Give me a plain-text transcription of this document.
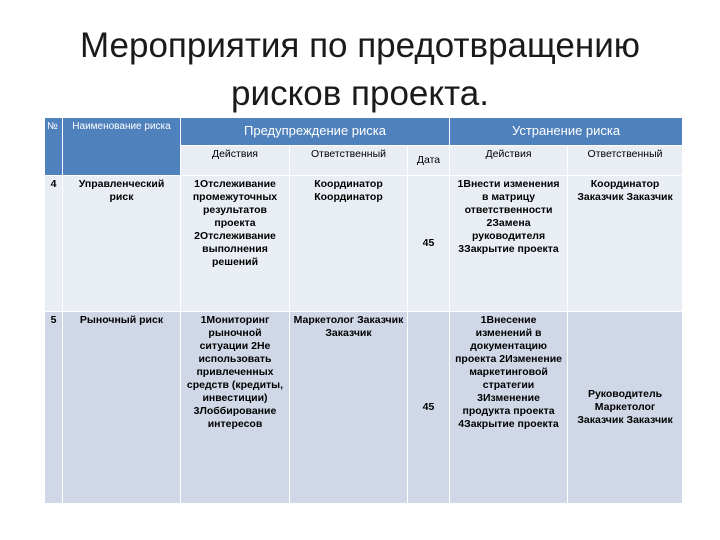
Мероприятия по предотвращению
рисков проекта.
№	Наименование риска	Предупреждение риска			Устранение риска	
		Действия	Ответственный	Дата	Действия	Ответственный
4	Управленческий риск	1Отслеживание промежуточных результатов проекта 2Отслеживание выполнения решений	Координатор Координатор	45	1Внести изменения в матрицу ответственности 2Замена руководителя 3Закрытие проекта	Координатор Заказчик Заказчик
5	Рыночный риск	1Мониторинг рыночной ситуации 2Не использовать привлеченных средств (кредиты, инвестиции) 3Лоббирование интересов	Маркетолог Заказчик Заказчик	45	1Внесение изменений в документацию проекта 2Изменение маркетинговой стратегии 3Изменение продукта проекта 4Закрытие проекта	Руководитель Маркетолог Заказчик Заказчик
